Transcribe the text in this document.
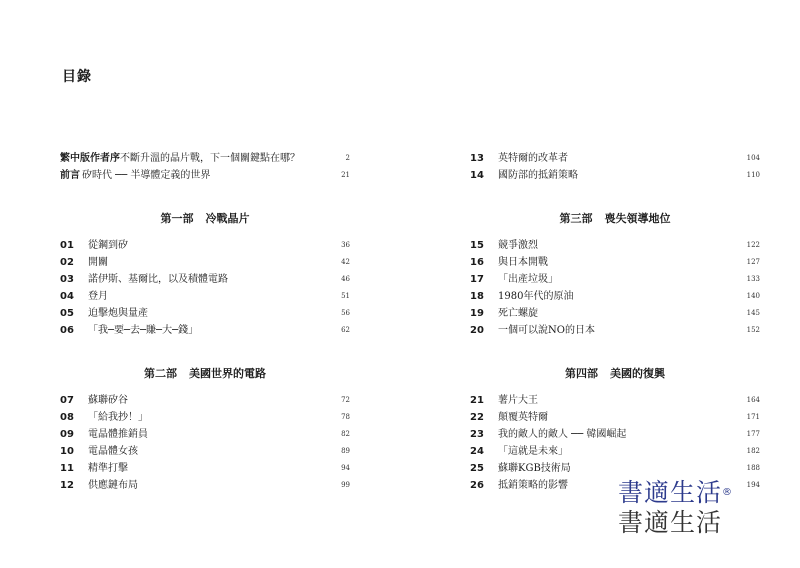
目錄
繁中版作者序 不斷升溫的晶片戰，下一個關鍵點在哪？	2
前言 矽時代 ── 半導體定義的世界	21
第一部 冷戰晶片
01 從鋼到矽	36
02 開關	42
03 諾伊斯、基爾比，以及積體電路	46
04 登月	51
05 迫擊炮與量產	56
06 「我─要─去─賺─大─錢」	62
第二部 美國世界的電路
07 蘇聯矽谷	72
08 「給我抄！」	78
09 電晶體推銷員	82
10 電晶體女孩	89
11 精準打擊	94
12 供應鏈布局	99
13 英特爾的改革者	104
14 國防部的抵銷策略	110
第三部 喪失領導地位
15 競爭激烈	122
16 與日本開戰	127
17 「出產垃圾」	133
18 1980年代的原油	140
19 死亡螺旋	145
20 一個可以說NO的日本	152
第四部 美國的復興
21 薯片大王	164
22 顛覆英特爾	171
23 我的敵人的敵人 ── 韓國崛起	177
24 「這就是未來」	182
25 蘇聯KGB技術局	188
26 抵銷策略的影響	194
書適生活®
書適生活
